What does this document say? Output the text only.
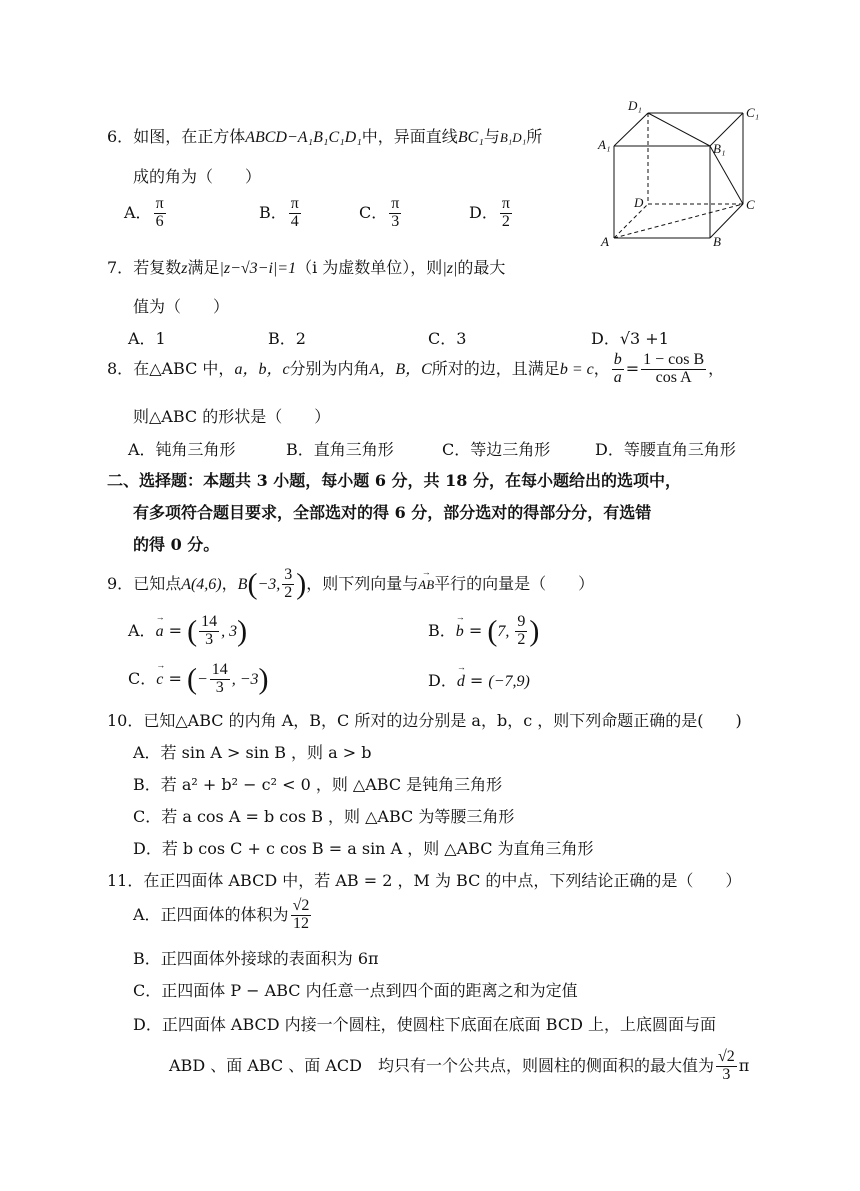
6．如图，在正方体ABCD−A₁B₁C₁D₁中，异面直线BC₁与B₁D₁所
成的角为（　　）
A． $\frac{\pi}{6}$	B． $\frac{\pi}{4}$	C． $\frac{\pi}{3}$	D． $\frac{\pi}{2}$
D₁	C₁
A₁	B₁
D	C
A	B
7．若复数z满足|z−√3−i|=1（i 为虚数单位），则|z|的最大
值为（　　）
A．1	B．2	C．3	D．√3 +1
8．在△ABC 中，a，b，c分别为内角A，B，C所对的边，且满足b = c， $\frac{b}{a} = \frac{\text{1 − cos B}}{\text{cos A}}$ ，
则△ABC 的形状是（　　）
A．钝角三角形	B．直角三角形	C．等边三角形	D．等腰直角三角形
二、选择题：本题共 3 小题，每小题 6 分，共 18 分，在每小题给出的选项中，
有多项符合题目要求，全部选对的得 6 分，部分选对的得部分分，有选错
的得 0 分。
9．已知点A(4,6)，B(−3, $\frac{3}{2}$ )，则下列向量与→ AB平行的向量是（　　）
A．→ a = ( $\frac{14}{3}$ , 3)	B．→ b = (7, $\frac{9}{2}$ )
C．→ c = (− $\frac{14}{3}$ , −3)	D．→ d = (−7,9)
10．已知△ABC 的内角 A，B，C 所对的边分别是 a，b，c ，则下列命题正确的是(　　)
A．若 sin A > sin B ，则 a > b
B．若 a² + b² − c² < 0 ，则 △ABC 是钝角三角形
C．若 a cos A = b cos B ，则 △ABC 为等腰三角形
D．若 b cos C + c cos B = a sin A ，则 △ABC 为直角三角形
11．在正四面体 ABCD 中，若 AB = 2 ，M 为 BC 的中点，下列结论正确的是（　　）
A．正四面体的体积为 $\frac{√2}{12}$
B．正四面体外接球的表面积为 6π
C．正四面体 P − ABC 内任意一点到四个面的距离之和为定值
D．正四面体 ABCD 内接一个圆柱，使圆柱下底面在底面 BCD 上，上底圆面与面
ABD 、面 ABC 、面 ACD　均只有一个公共点，则圆柱的侧面积的最大值为 $\frac{√2}{3}$ π
